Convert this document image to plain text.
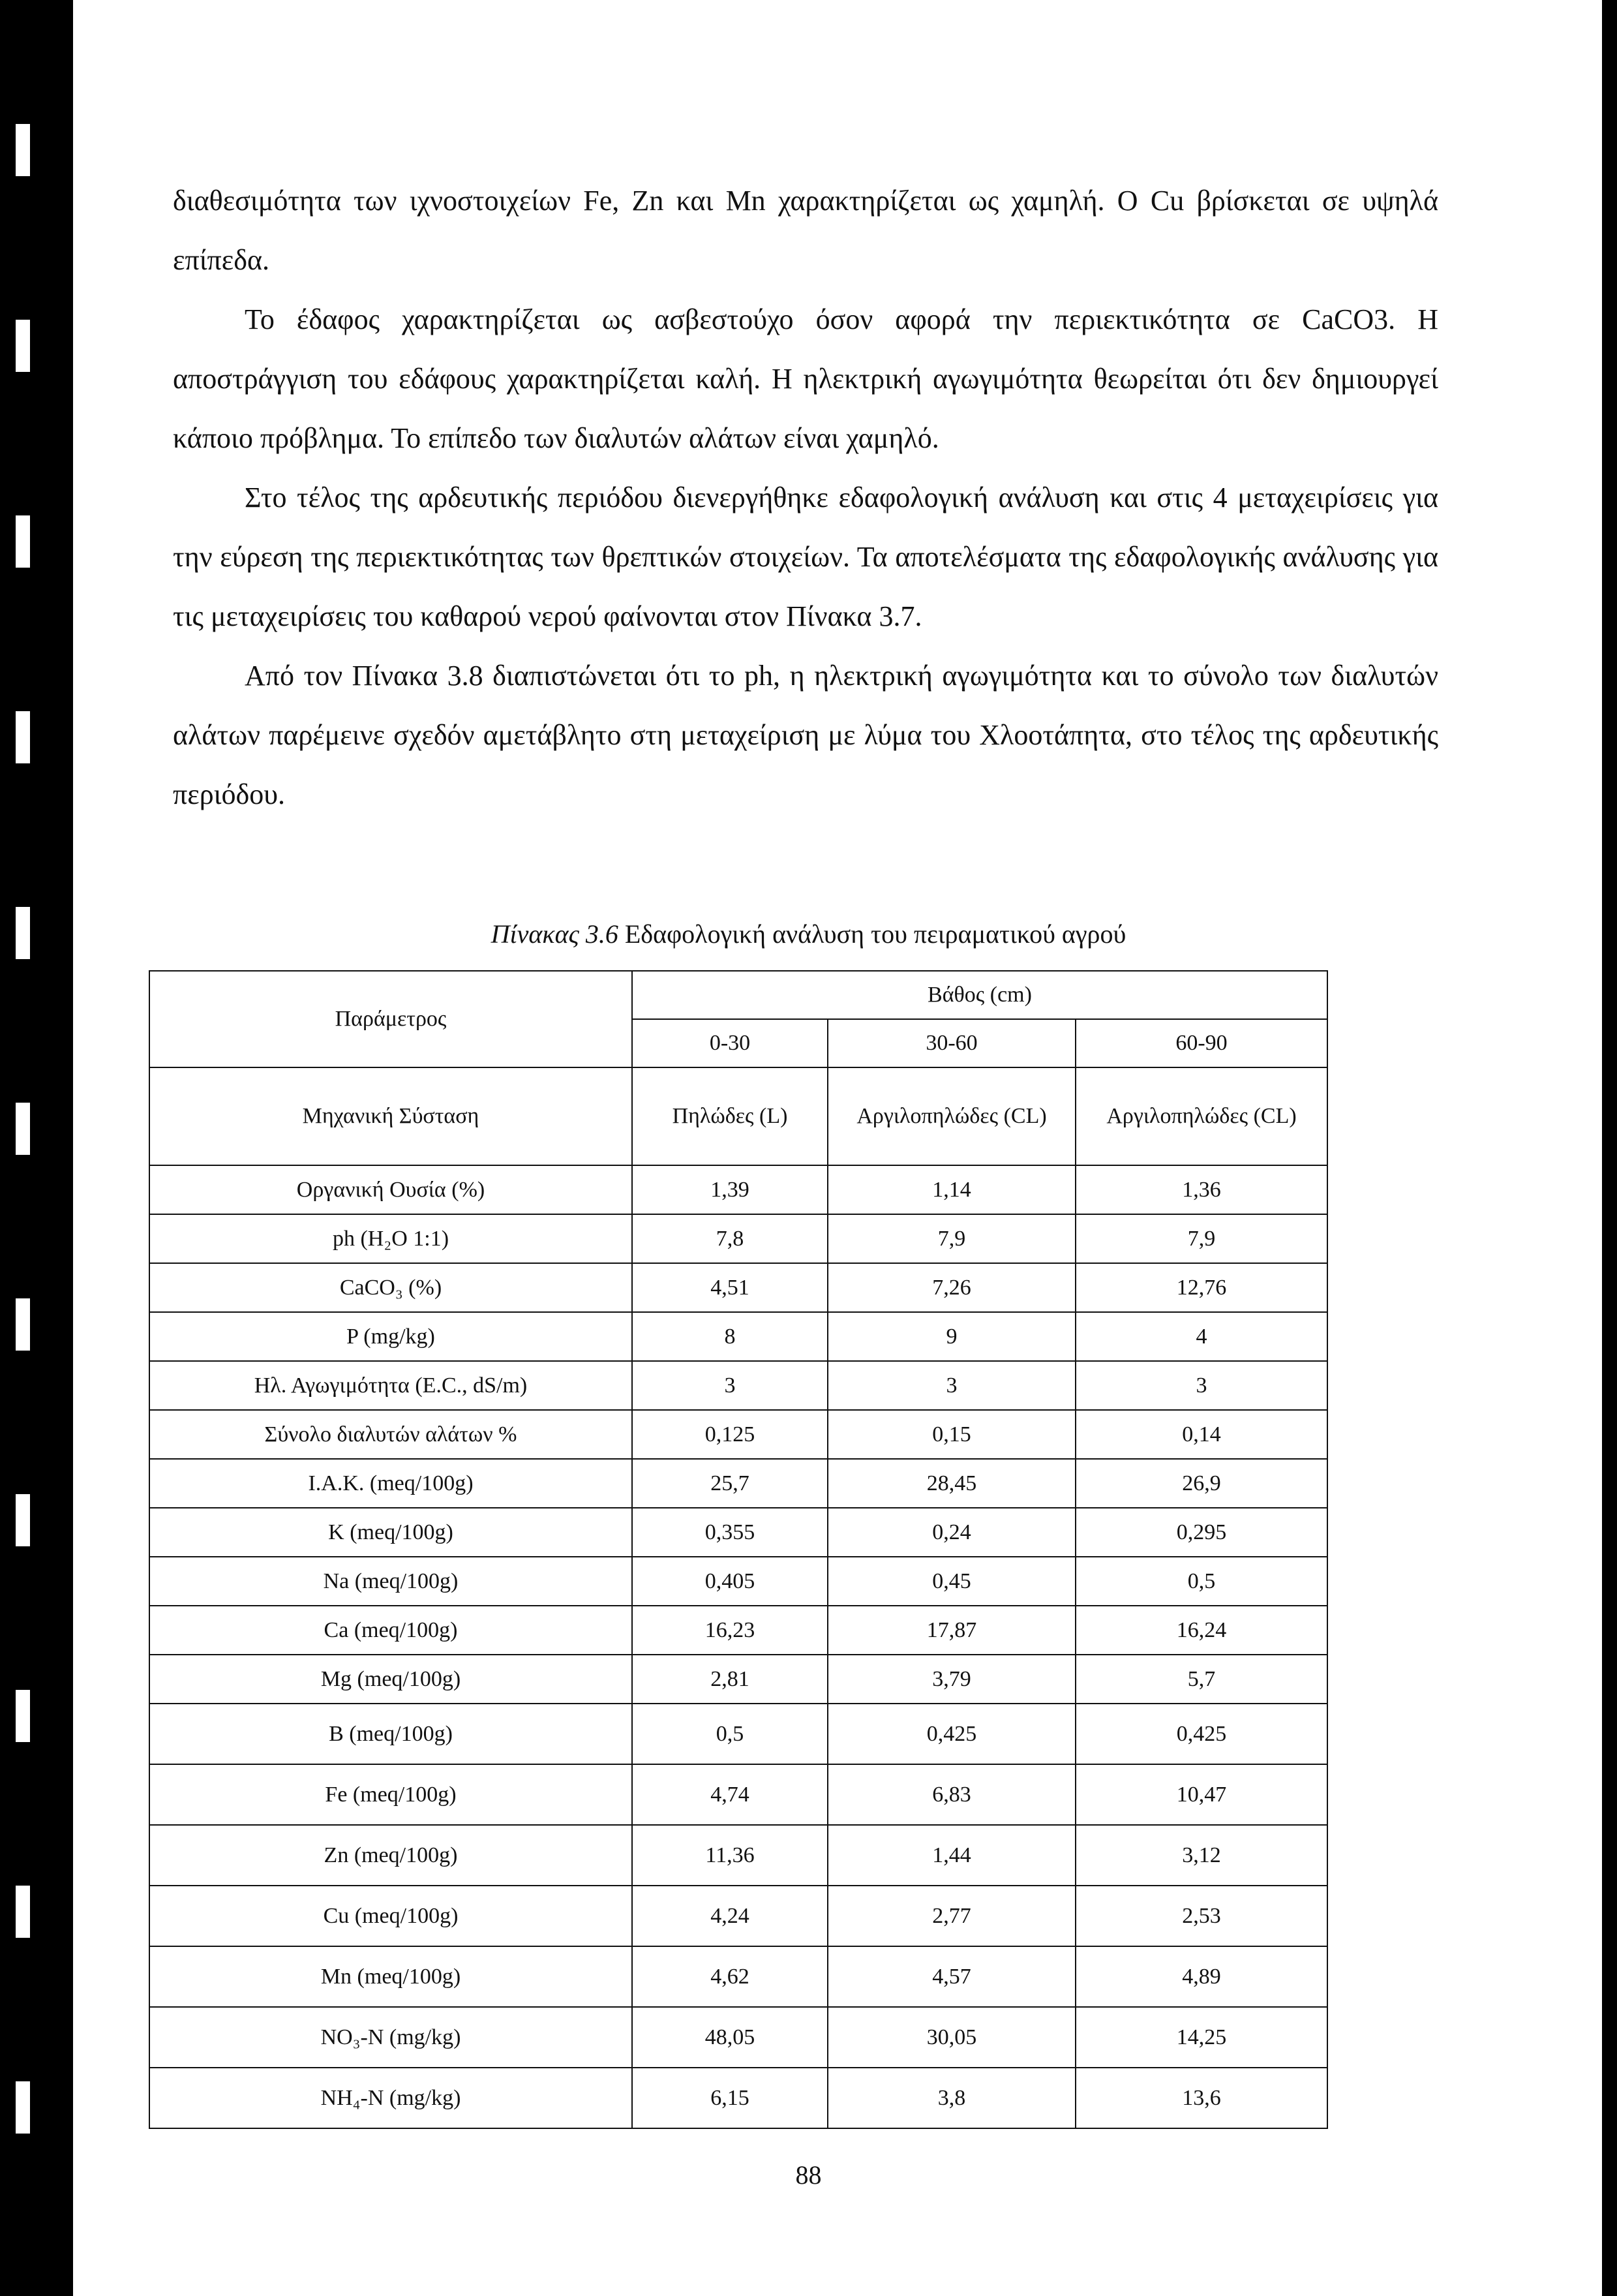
διαθεσιμότητα των ιχνοστοιχείων Fe, Zn και Mn χαρακτηρίζεται ως χαμηλή. O Cu βρίσκεται σε υψηλά επίπεδα.

Το έδαφος χαρακτηρίζεται ως ασβεστούχο όσον αφορά την περιεκτικότητα σε CaCO3. Η αποστράγγιση του εδάφους χαρακτηρίζεται καλή. Η ηλεκτρική αγωγιμότητα θεωρείται ότι δεν δημιουργεί κάποιο πρόβλημα. Το επίπεδο των διαλυτών αλάτων είναι χαμηλό.

Στο τέλος της αρδευτικής περιόδου διενεργήθηκε εδαφολογική ανάλυση και στις 4 μεταχειρίσεις για την εύρεση της περιεκτικότητας των θρεπτικών στοιχείων. Τα αποτελέσματα της εδαφολογικής ανάλυσης για τις μεταχειρίσεις του καθαρού νερού φαίνονται στον Πίνακα 3.7.

Από τον Πίνακα 3.8 διαπιστώνεται ότι το ph, η ηλεκτρική αγωγιμότητα και το σύνολο των διαλυτών αλάτων παρέμεινε σχεδόν αμετάβλητο στη μεταχείριση με λύμα του Χλοοτάπητα, στο τέλος της αρδευτικής περιόδου.

Πίνακας 3.6 Εδαφολογική ανάλυση του πειραματικού αγρού
Παράμετρος	Βάθος (cm)		
	0-30	30-60	60-90
Μηχανική Σύσταση	Πηλώδες (L)	Αργιλοπηλώδες (CL)	Αργιλοπηλώδες (CL)
Οργανική Ουσία (%)	1,39	1,14	1,36
ph (H₂O 1:1)	7,8	7,9	7,9
CaCO₃ (%)	4,51	7,26	12,76
P (mg/kg)	8	9	4
Ηλ. Αγωγιμότητα (E.C., dS/m)	3	3	3
Σύνολο διαλυτών αλάτων %	0,125	0,15	0,14
I.A.K. (meq/100g)	25,7	28,45	26,9
K (meq/100g)	0,355	0,24	0,295
Na (meq/100g)	0,405	0,45	0,5
Ca (meq/100g)	16,23	17,87	16,24
Mg (meq/100g)	2,81	3,79	5,7
B (meq/100g)	0,5	0,425	0,425
Fe (meq/100g)	4,74	6,83	10,47
Zn (meq/100g)	11,36	1,44	3,12
Cu (meq/100g)	4,24	2,77	2,53
Mn (meq/100g)	4,62	4,57	4,89
NO₃-N (mg/kg)	48,05	30,05	14,25
NH₄-N (mg/kg)	6,15	3,8	13,6
88
